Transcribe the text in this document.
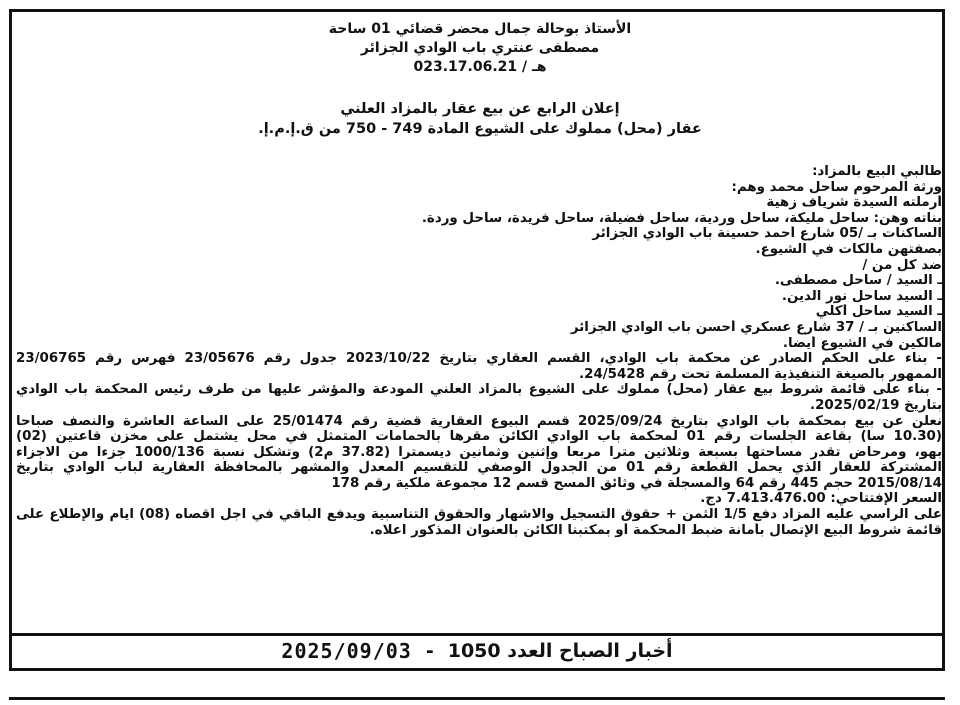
الأستاذ بوحالة جمال محضر قضائي 01 ساحة
مصطفى عنتري باب الوادي الجزائر
هـ / 023.17.06.21
إعلان الرابع عن بيع عقار بالمزاد العلني
عقار (محل) مملوك على الشيوع المادة 749 - 750 من ق.إ.م.إ.
طالبي البيع بالمزاد:
ورثة المرحوم ساحل محمد وهم:
أرملته السيدة شرياف زهية
بناته وهن: ساحل مليكة، ساحل وردية، ساحل فضيلة، ساحل فريدة، ساحل وردة.
الساكنات بـ /05 شارع أحمد حسينة باب الوادي الجزائر
بصفتهن مالكات في الشيوع.
ضد كل من /
ـ السيد / ساحل مصطفى.
ـ السيد ساحل نور الدين.
ـ السيد ساحل أكلي
الساكنين بـ / 37 شارع عسكري أحسن باب الوادي الجزائر
مالكين في الشيوع أيضا.
- بناء على الحكم الصادر عن محكمة باب الوادي، القسم العقاري بتاريخ 2023/10/22 جدول رقم 23/05676 فهرس رقم 23/06765
الممهور بالصيغة التنفيذية المسلمة تحت رقم 24/5428.
- بناء على قائمة شروط بيع عقار (محل) مملوك على الشيوع بالمزاد العلني المودعة والمؤشر عليها من طرف رئيس المحكمة باب الوادي
بتاريخ 2025/02/19.
نعلن عن بيع بمحكمة باب الوادي بتاريخ 2025/09/24 قسم البيوع العقارية قضية رقم 25/01474 على الساعة العاشرة والنصف صباحا
(10.30 سا) بقاعة الجلسات رقم 01 لمحكمة باب الوادي الكائن مقرها بالحمامات المتمثل في محل يشتمل على مخزن قاعتين (02)
بهو، ومرحاض تقدر مساحتها بسبعة وثلاثين مترا مربعا وإثنين وثمانين ديسمترا (37.82 م2) وتشكل نسبة 1000/136 جزءا من الاجزاء
المشتركة للعقار الذي يحمل القطعة رقم 01 من الجدول الوصفي للتقسيم المعدل والمشهر بالمحافظة العقارية لباب الوادي بتاريخ
2015/08/14 حجم 445 رقم 64 والمسجلة في وثائق المسح قسم 12 مجموعة ملكية رقم 178
السعر الإفتتاحي: 7.413.476.00 دج.
على الراسي عليه المزاد دفع 1/5 الثمن + حقوق التسجيل والاشهار والحقوق التناسبية ويدفع الباقي في اجل اقصاه (08) ايام والإطلاع على
قائمة شروط البيع الإتصال بأمانة ضبط المحكمة أو بمكتبنا الكائن بالعنوان المذكور اعلاه.
2025/09/03 - أخبار الصباح العدد 1050
